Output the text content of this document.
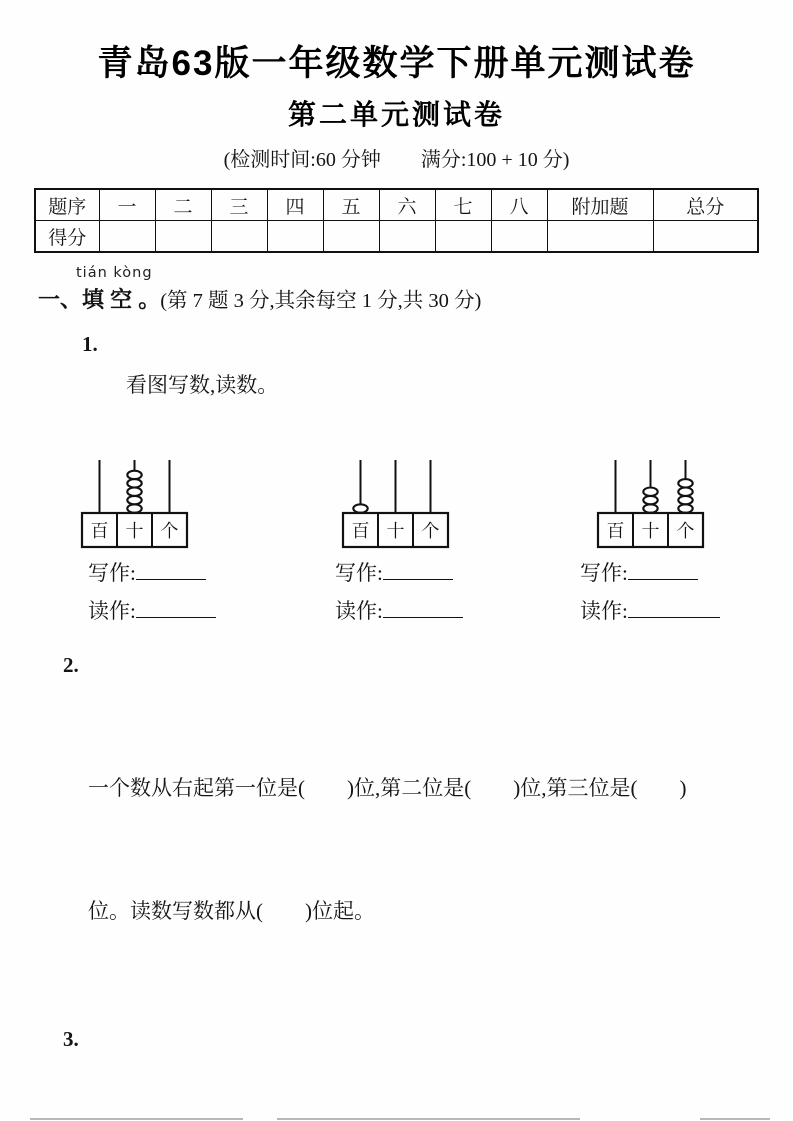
青岛63版一年级数学下册单元测试卷
第二单元测试卷
(检测时间:60 分钟　　满分:100 + 10 分)
题序	一	二	三	四	五	六	七	八	附加题	总分
得分										
tián kòng
一、填 空 。(第 7 题 3 分,其余每空 1 分,共 30 分)

1.
看图写数,读数。

百 十 个	百 十 个	百 十 个
写作:	写作:	写作:
读作:	读作:	读作:

2.

一个数从右起第一位是(　　)位,第二位是(　　)位,第三位是(　　)

位。读数写数都从(　　)位起。

3.
